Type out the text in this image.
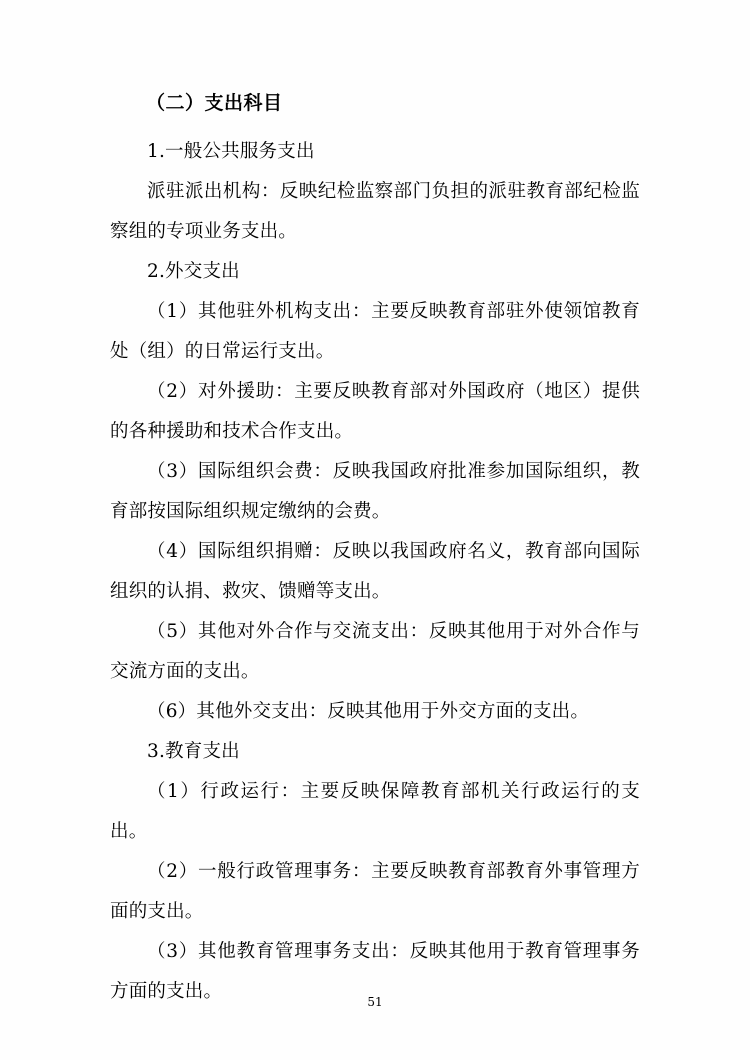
（二）支出科目

1.一般公共服务支出

派驻派出机构：反映纪检监察部门负担的派驻教育部纪检监察组的专项业务支出。

2.外交支出

（1）其他驻外机构支出：主要反映教育部驻外使领馆教育处（组）的日常运行支出。

（2）对外援助：主要反映教育部对外国政府（地区）提供的各种援助和技术合作支出。

（3）国际组织会费：反映我国政府批准参加国际组织，教育部按国际组织规定缴纳的会费。

（4）国际组织捐赠：反映以我国政府名义，教育部向国际组织的认捐、救灾、馈赠等支出。

（5）其他对外合作与交流支出：反映其他用于对外合作与交流方面的支出。

（6）其他外交支出：反映其他用于外交方面的支出。

3.教育支出

（1）行政运行：主要反映保障教育部机关行政运行的支出。

（2）一般行政管理事务：主要反映教育部教育外事管理方面的支出。

（3）其他教育管理事务支出：反映其他用于教育管理事务方面的支出。	51
